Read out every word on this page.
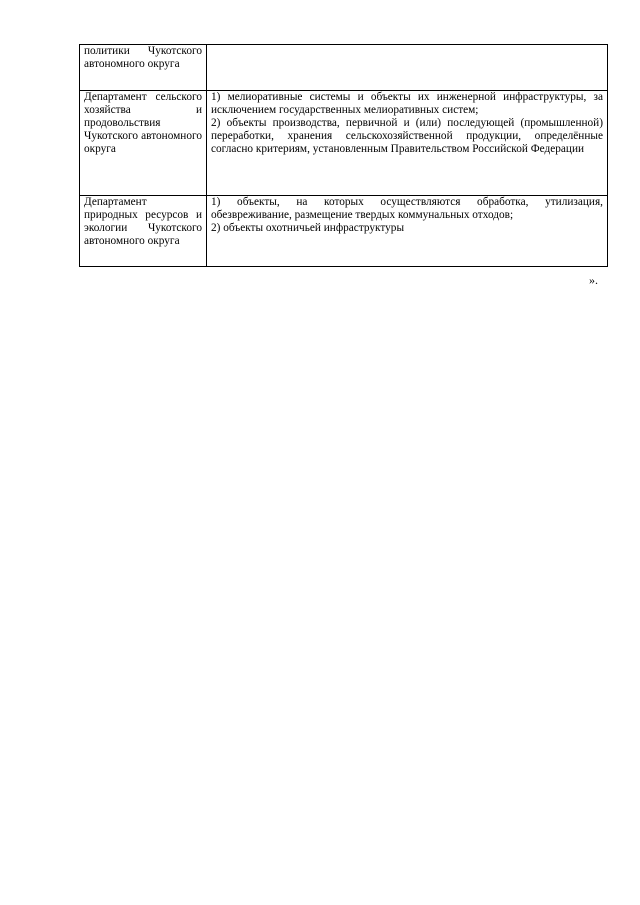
политики Чукотского автономного округа	
Департамент сельского хозяйства и продовольствия Чукотского автономного округа	1) мелиоративные системы и объекты их инженерной инфраструктуры, за исключением государственных мелиоративных систем;
2) объекты производства, первичной и (или) последующей (промышленной) переработки, хранения сельскохозяйственной продукции, определённые согласно критериям, установленным Правительством Российской Федерации

Департамент природных ресурсов и экологии Чукотского автономного округа	1) объекты, на которых осуществляются обработка, утилизация, обезвреживание, размещение твердых коммунальных отходов;
2) объекты охотничьей инфраструктуры
».
